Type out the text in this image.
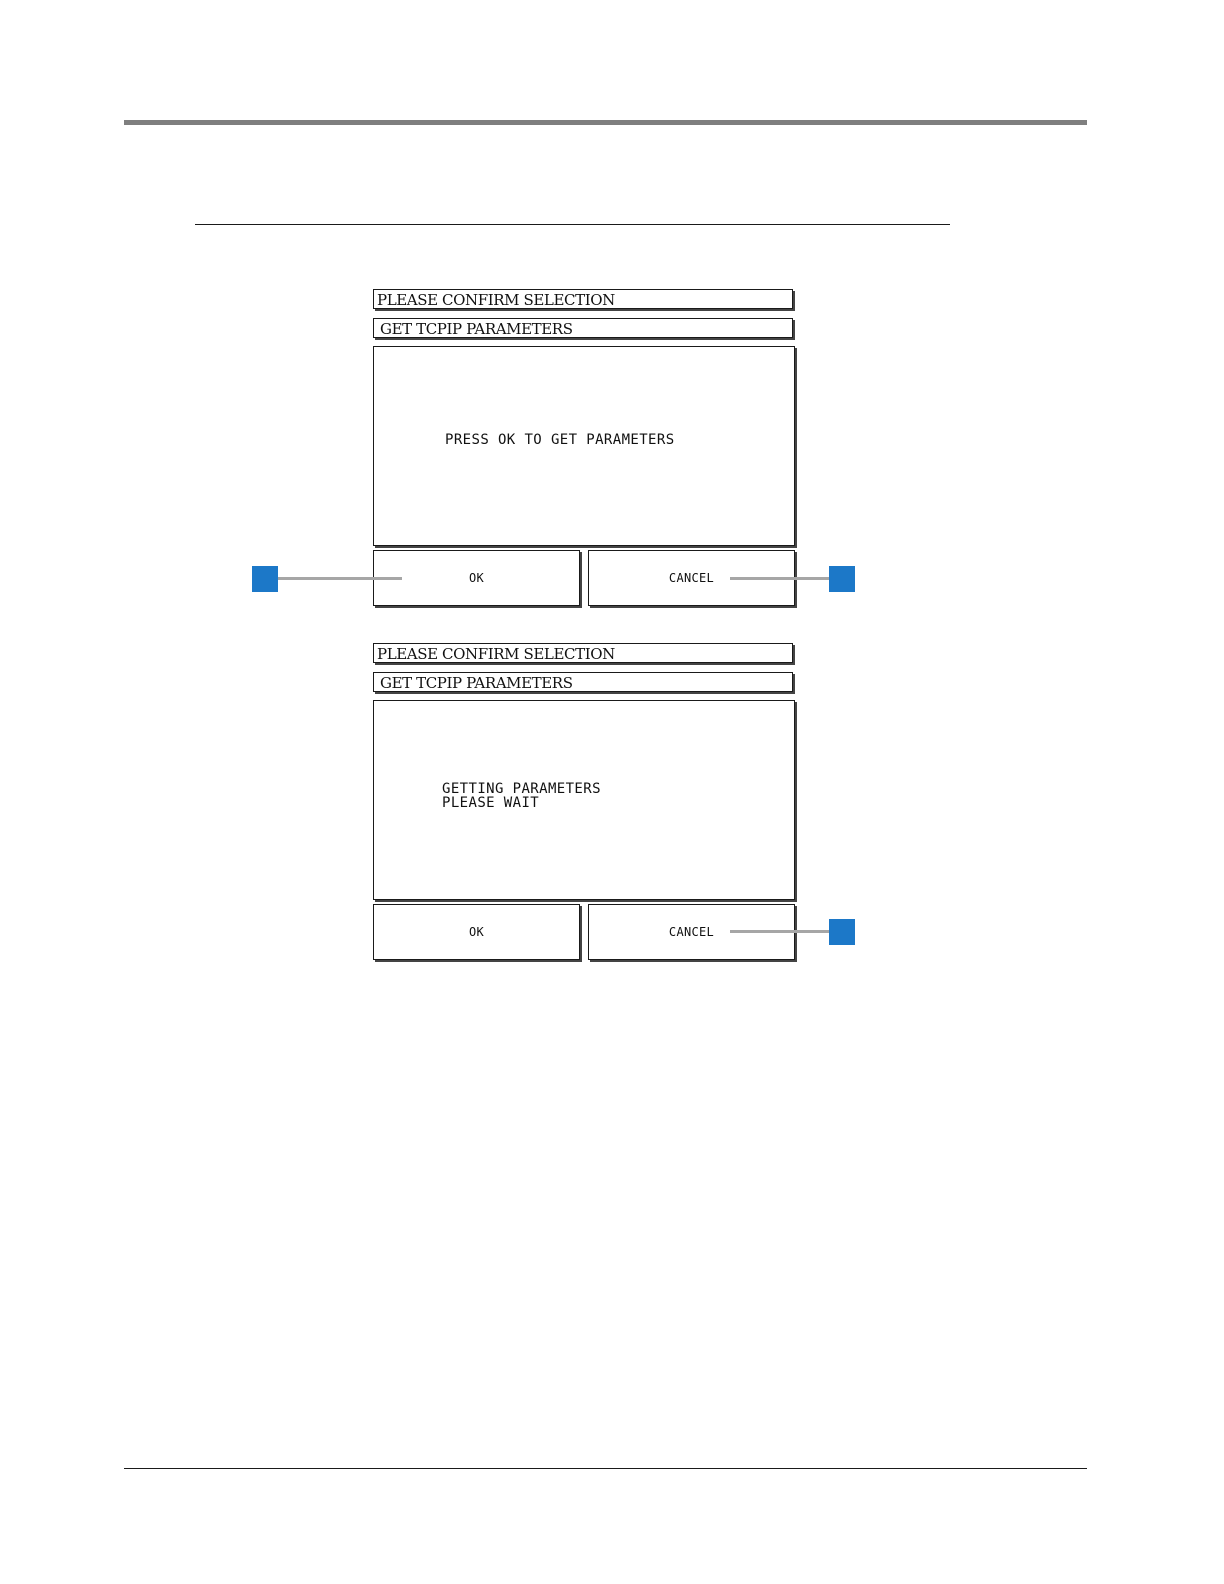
PLEASE CONFIRM SELECTION
GET TCPIP PARAMETERS
PRESS OK TO GET PARAMETERS
OK	CANCEL
PLEASE CONFIRM SELECTION
GET TCPIP PARAMETERS
GETTING PARAMETERS
PLEASE WAIT
OK	CANCEL
